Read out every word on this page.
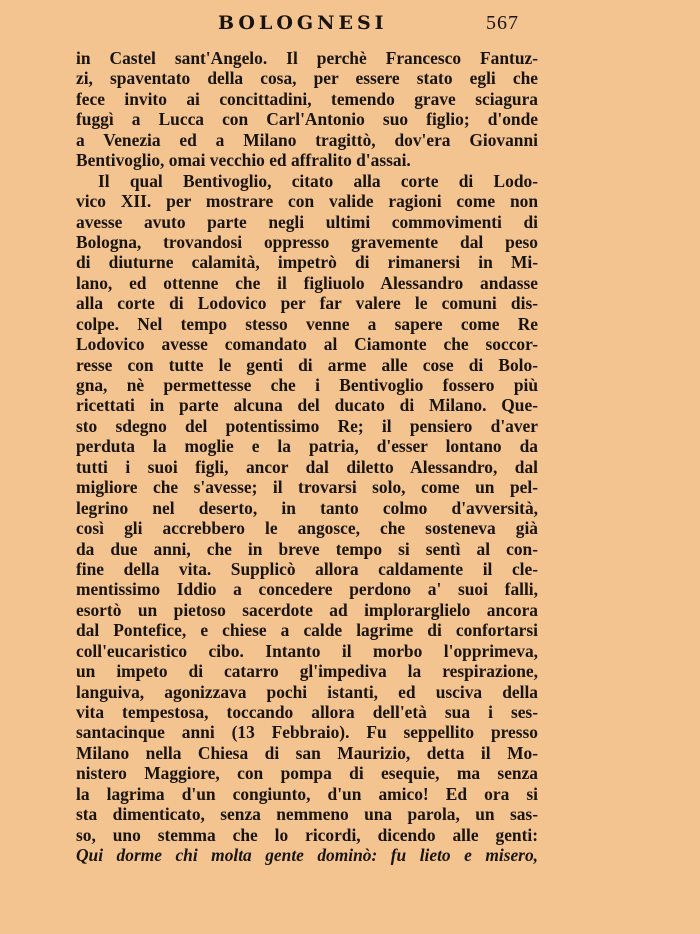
BOLOGNESI	567
in Castel sant'Angelo. Il perchè Francesco Fantuz-
zi, spaventato della cosa, per essere stato egli che
fece invito ai concittadini, temendo grave sciagura
fuggì a Lucca con Carl'Antonio suo figlio; d'onde
a Venezia ed a Milano tragittò, dov'era Giovanni
Bentivoglio, omai vecchio ed affralito d'assai.
Il qual Bentivoglio, citato alla corte di Lodo-
vico XII. per mostrare con valide ragioni come non
avesse avuto parte negli ultimi commovimenti di
Bologna, trovandosi oppresso gravemente dal peso
di diuturne calamità, impetrò di rimanersi in Mi-
lano, ed ottenne che il figliuolo Alessandro andasse
alla corte di Lodovico per far valere le comuni dis-
colpe. Nel tempo stesso venne a sapere come Re
Lodovico avesse comandato al Ciamonte che soccor-
resse con tutte le genti di arme alle cose di Bolo-
gna, nè permettesse che i Bentivoglio fossero più
ricettati in parte alcuna del ducato di Milano. Que-
sto sdegno del potentissimo Re; il pensiero d'aver
perduta la moglie e la patria, d'esser lontano da
tutti i suoi figli, ancor dal diletto Alessandro, dal
migliore che s'avesse; il trovarsi solo, come un pel-
legrino nel deserto, in tanto colmo d'avversità,
così gli accrebbero le angosce, che sosteneva già
da due anni, che in breve tempo si sentì al con-
fine della vita. Supplicò allora caldamente il cle-
mentissimo Iddio a concedere perdono a' suoi falli,
esortò un pietoso sacerdote ad implorarglielo ancora
dal Pontefice, e chiese a calde lagrime di confortarsi
coll'eucaristico cibo. Intanto il morbo l'opprimeva,
un impeto di catarro gl'impediva la respirazione,
languiva, agonizzava pochi istanti, ed usciva della
vita tempestosa, toccando allora dell'età sua i ses-
santacinque anni (13 Febbraio). Fu seppellito presso
Milano nella Chiesa di san Maurizio, detta il Mo-
nistero Maggiore, con pompa di esequie, ma senza
la lagrima d'un congiunto, d'un amico! Ed ora si
sta dimenticato, senza nemmeno una parola, un sas-
so, uno stemma che lo ricordi, dicendo alle genti:
Qui dorme chi molta gente dominò: fu lieto e misero,
